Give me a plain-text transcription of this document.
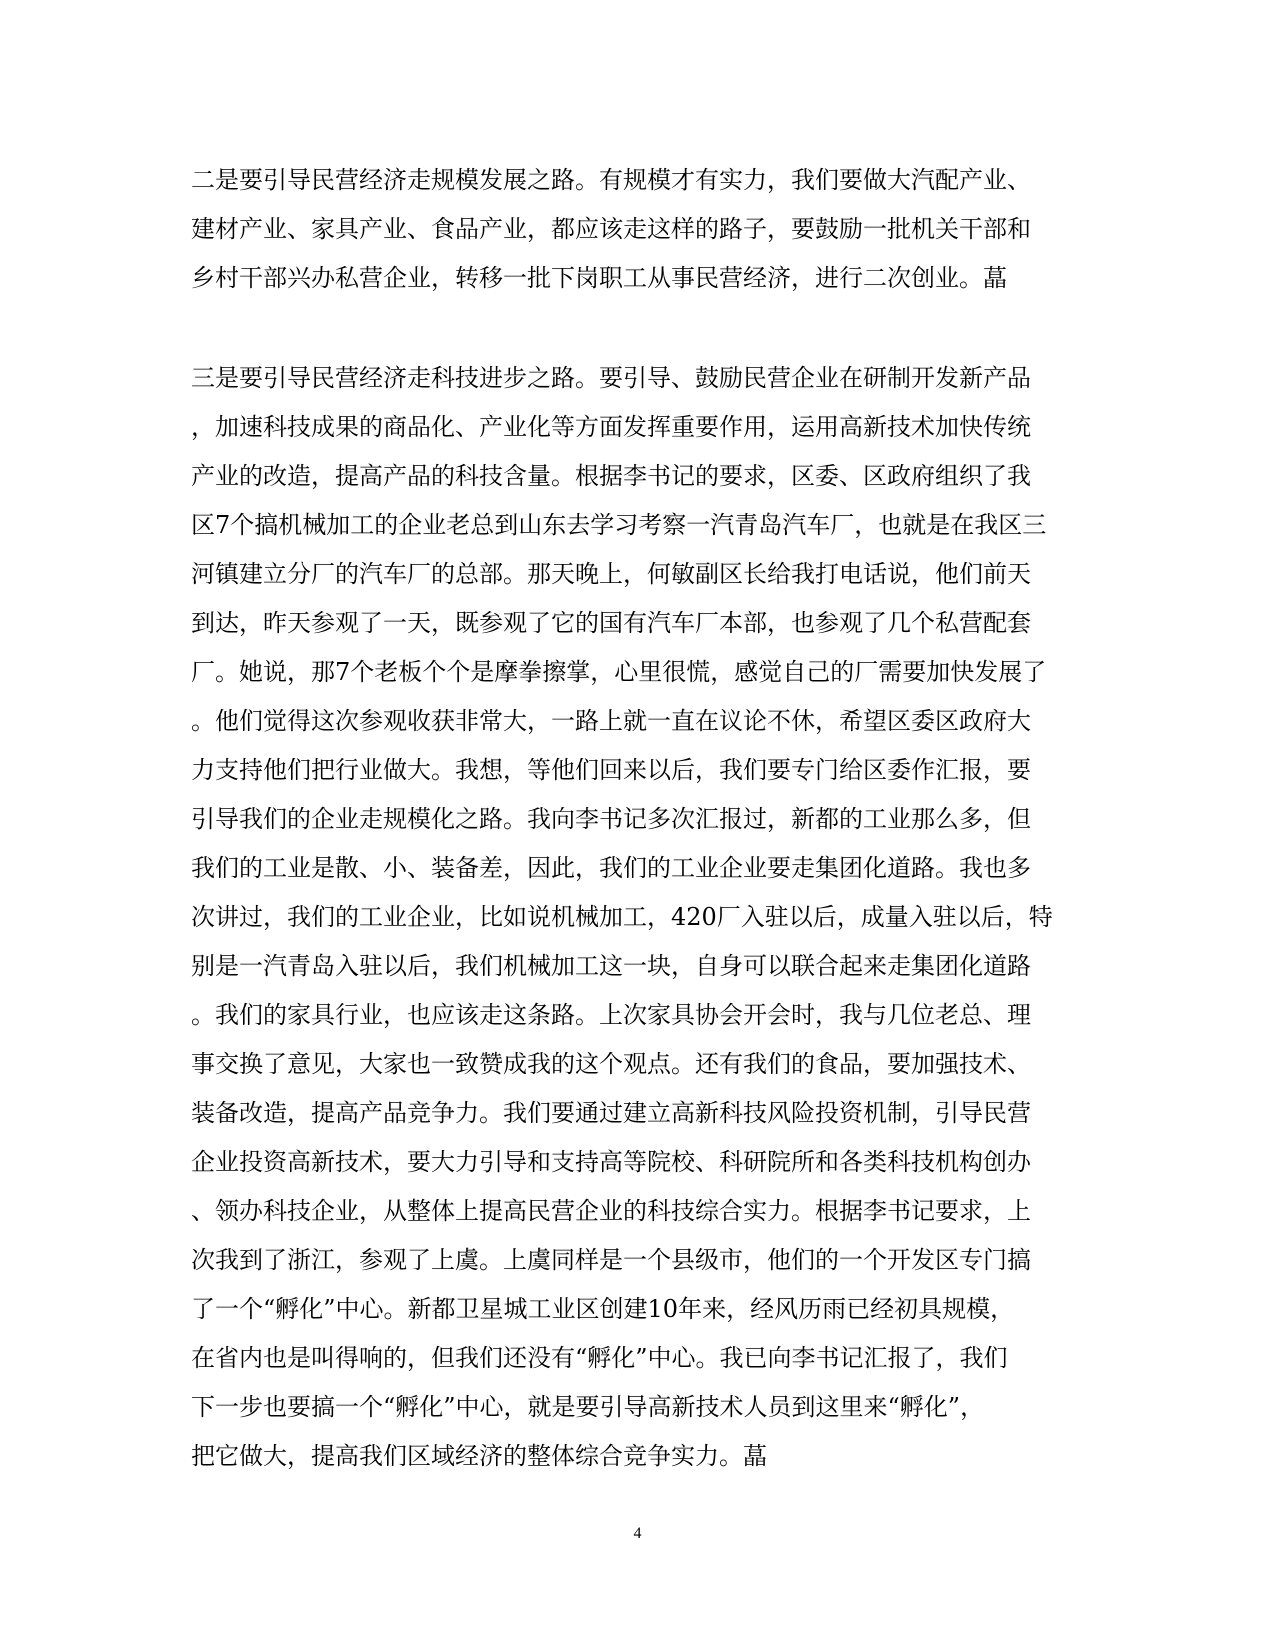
二是要引导民营经济走规模发展之路。有规模才有实力，我们要做大汽配产业、
建材产业、家具产业、食品产业，都应该走这样的路子，要鼓励一批机关干部和
乡村干部兴办私营企业，转移一批下岗职工从事民营经济，进行二次创业。蕌
三是要引导民营经济走科技进步之路。要引导、鼓励民营企业在研制开发新产品
，加速科技成果的商品化、产业化等方面发挥重要作用，运用高新技术加快传统
产业的改造，提高产品的科技含量。根据李书记的要求，区委、区政府组织了我
区7个搞机械加工的企业老总到山东去学习考察一汽青岛汽车厂，也就是在我区三
河镇建立分厂的汽车厂的总部。那天晚上，何敏副区长给我打电话说，他们前天
到达，昨天参观了一天，既参观了它的国有汽车厂本部，也参观了几个私营配套
厂。她说，那7个老板个个是摩拳擦掌，心里很慌，感觉自己的厂需要加快发展了
。他们觉得这次参观收获非常大，一路上就一直在议论不休，希望区委区政府大
力支持他们把行业做大。我想，等他们回来以后，我们要专门给区委作汇报，要
引导我们的企业走规模化之路。我向李书记多次汇报过，新都的工业那么多，但
我们的工业是散、小、装备差，因此，我们的工业企业要走集团化道路。我也多
次讲过，我们的工业企业，比如说机械加工，420厂入驻以后，成量入驻以后，特
别是一汽青岛入驻以后，我们机械加工这一块，自身可以联合起来走集团化道路
。我们的家具行业，也应该走这条路。上次家具协会开会时，我与几位老总、理
事交换了意见，大家也一致赞成我的这个观点。还有我们的食品，要加强技术、
装备改造，提高产品竞争力。我们要通过建立高新科技风险投资机制，引导民营
企业投资高新技术，要大力引导和支持高等院校、科研院所和各类科技机构创办
、领办科技企业，从整体上提高民营企业的科技综合实力。根据李书记要求，上
次我到了浙江，参观了上虞。上虞同样是一个县级市，他们的一个开发区专门搞
了一个“孵化”中心。新都卫星城工业区创建10年来，经风历雨已经初具规模，
在省内也是叫得响的，但我们还没有“孵化”中心。我已向李书记汇报了，我们
下一步也要搞一个“孵化”中心，就是要引导高新技术人员到这里来“孵化”，
把它做大，提高我们区域经济的整体综合竞争实力。蕌
4
